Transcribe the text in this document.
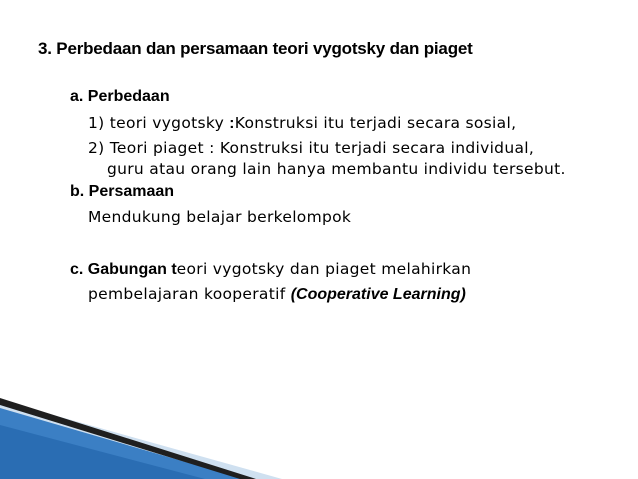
3. Perbedaan dan persamaan teori vygotsky dan piaget
a. Perbedaan
1) teori vygotsky :Konstruksi itu terjadi secara sosial,
2) Teori piaget : Konstruksi itu terjadi secara individual,
guru atau orang lain hanya membantu individu tersebut.
b. Persamaan
Mendukung belajar berkelompok
c. Gabungan teori vygotsky dan piaget melahirkan
pembelajaran kooperatif (Cooperative Learning)
